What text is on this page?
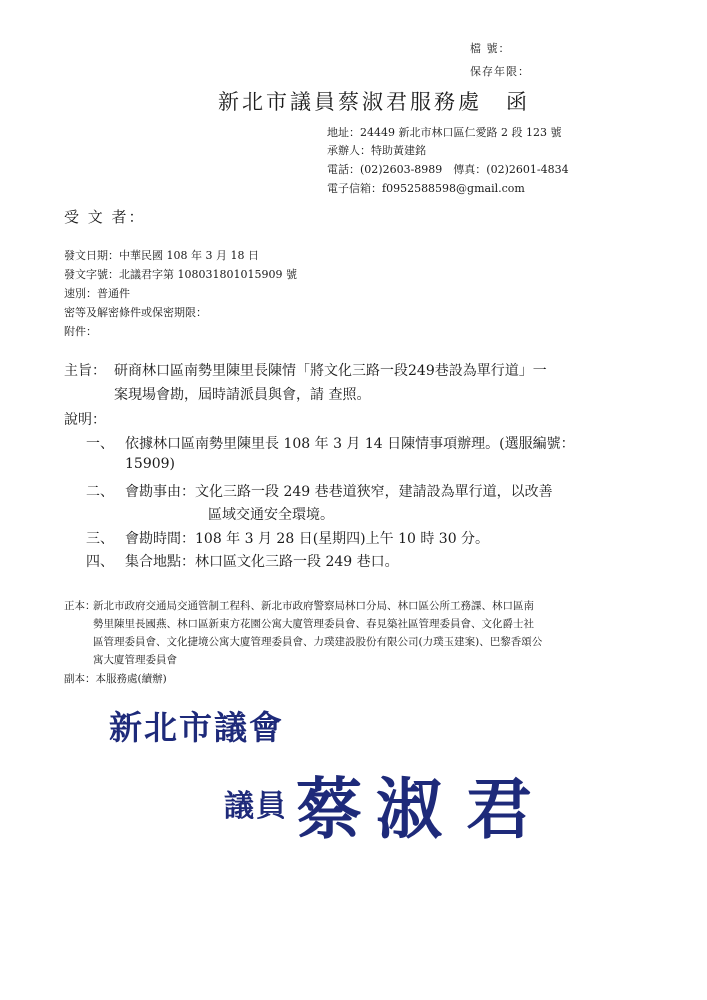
檔 號：
保存年限：
新北市議員蔡淑君服務處　函
地址：24449 新北市林口區仁愛路 2 段 123 號
承辦人：特助黃建銘
電話：(02)2603-8989　傳真：(02)2601-4834
電子信箱：f0952588598@gmail.com
受 文 者：
發文日期：中華民國 108 年 3 月 18 日
發文字號：北議君字第 108031801015909 號
速別：普通件
密等及解密條件或保密期限：
附件：
主旨： 研商林口區南勢里陳里長陳情「將文化三路一段249巷設為單行道」一
案現場會勘，屆時請派員與會，請 查照。
說明：
一、 依據林口區南勢里陳里長 108 年 3 月 14 日陳情事項辦理。(選服編號：
15909)
二、 會勘事由：文化三路一段 249 巷巷道狹窄，建請設為單行道，以改善
區域交通安全環境。
三、 會勘時間：108 年 3 月 28 日(星期四)上午 10 時 30 分。
四、 集合地點：林口區文化三路一段 249 巷口。
正本：
新北市政府交通局交通管制工程科、新北市政府警察局林口分局、林口區公所工務課、林口區南
勢里陳里長國燕、林口區新東方花園公寓大廈管理委員會、春見築社區管理委員會、文化爵士社
區管理委員會、文化捷境公寓大廈管理委員會、力璞建設股份有限公司(力璞玉建案)、巴黎香頌公
寓大廈管理委員會
副本：本服務處(續辦)
新北市議會
議員 蔡 淑 君
